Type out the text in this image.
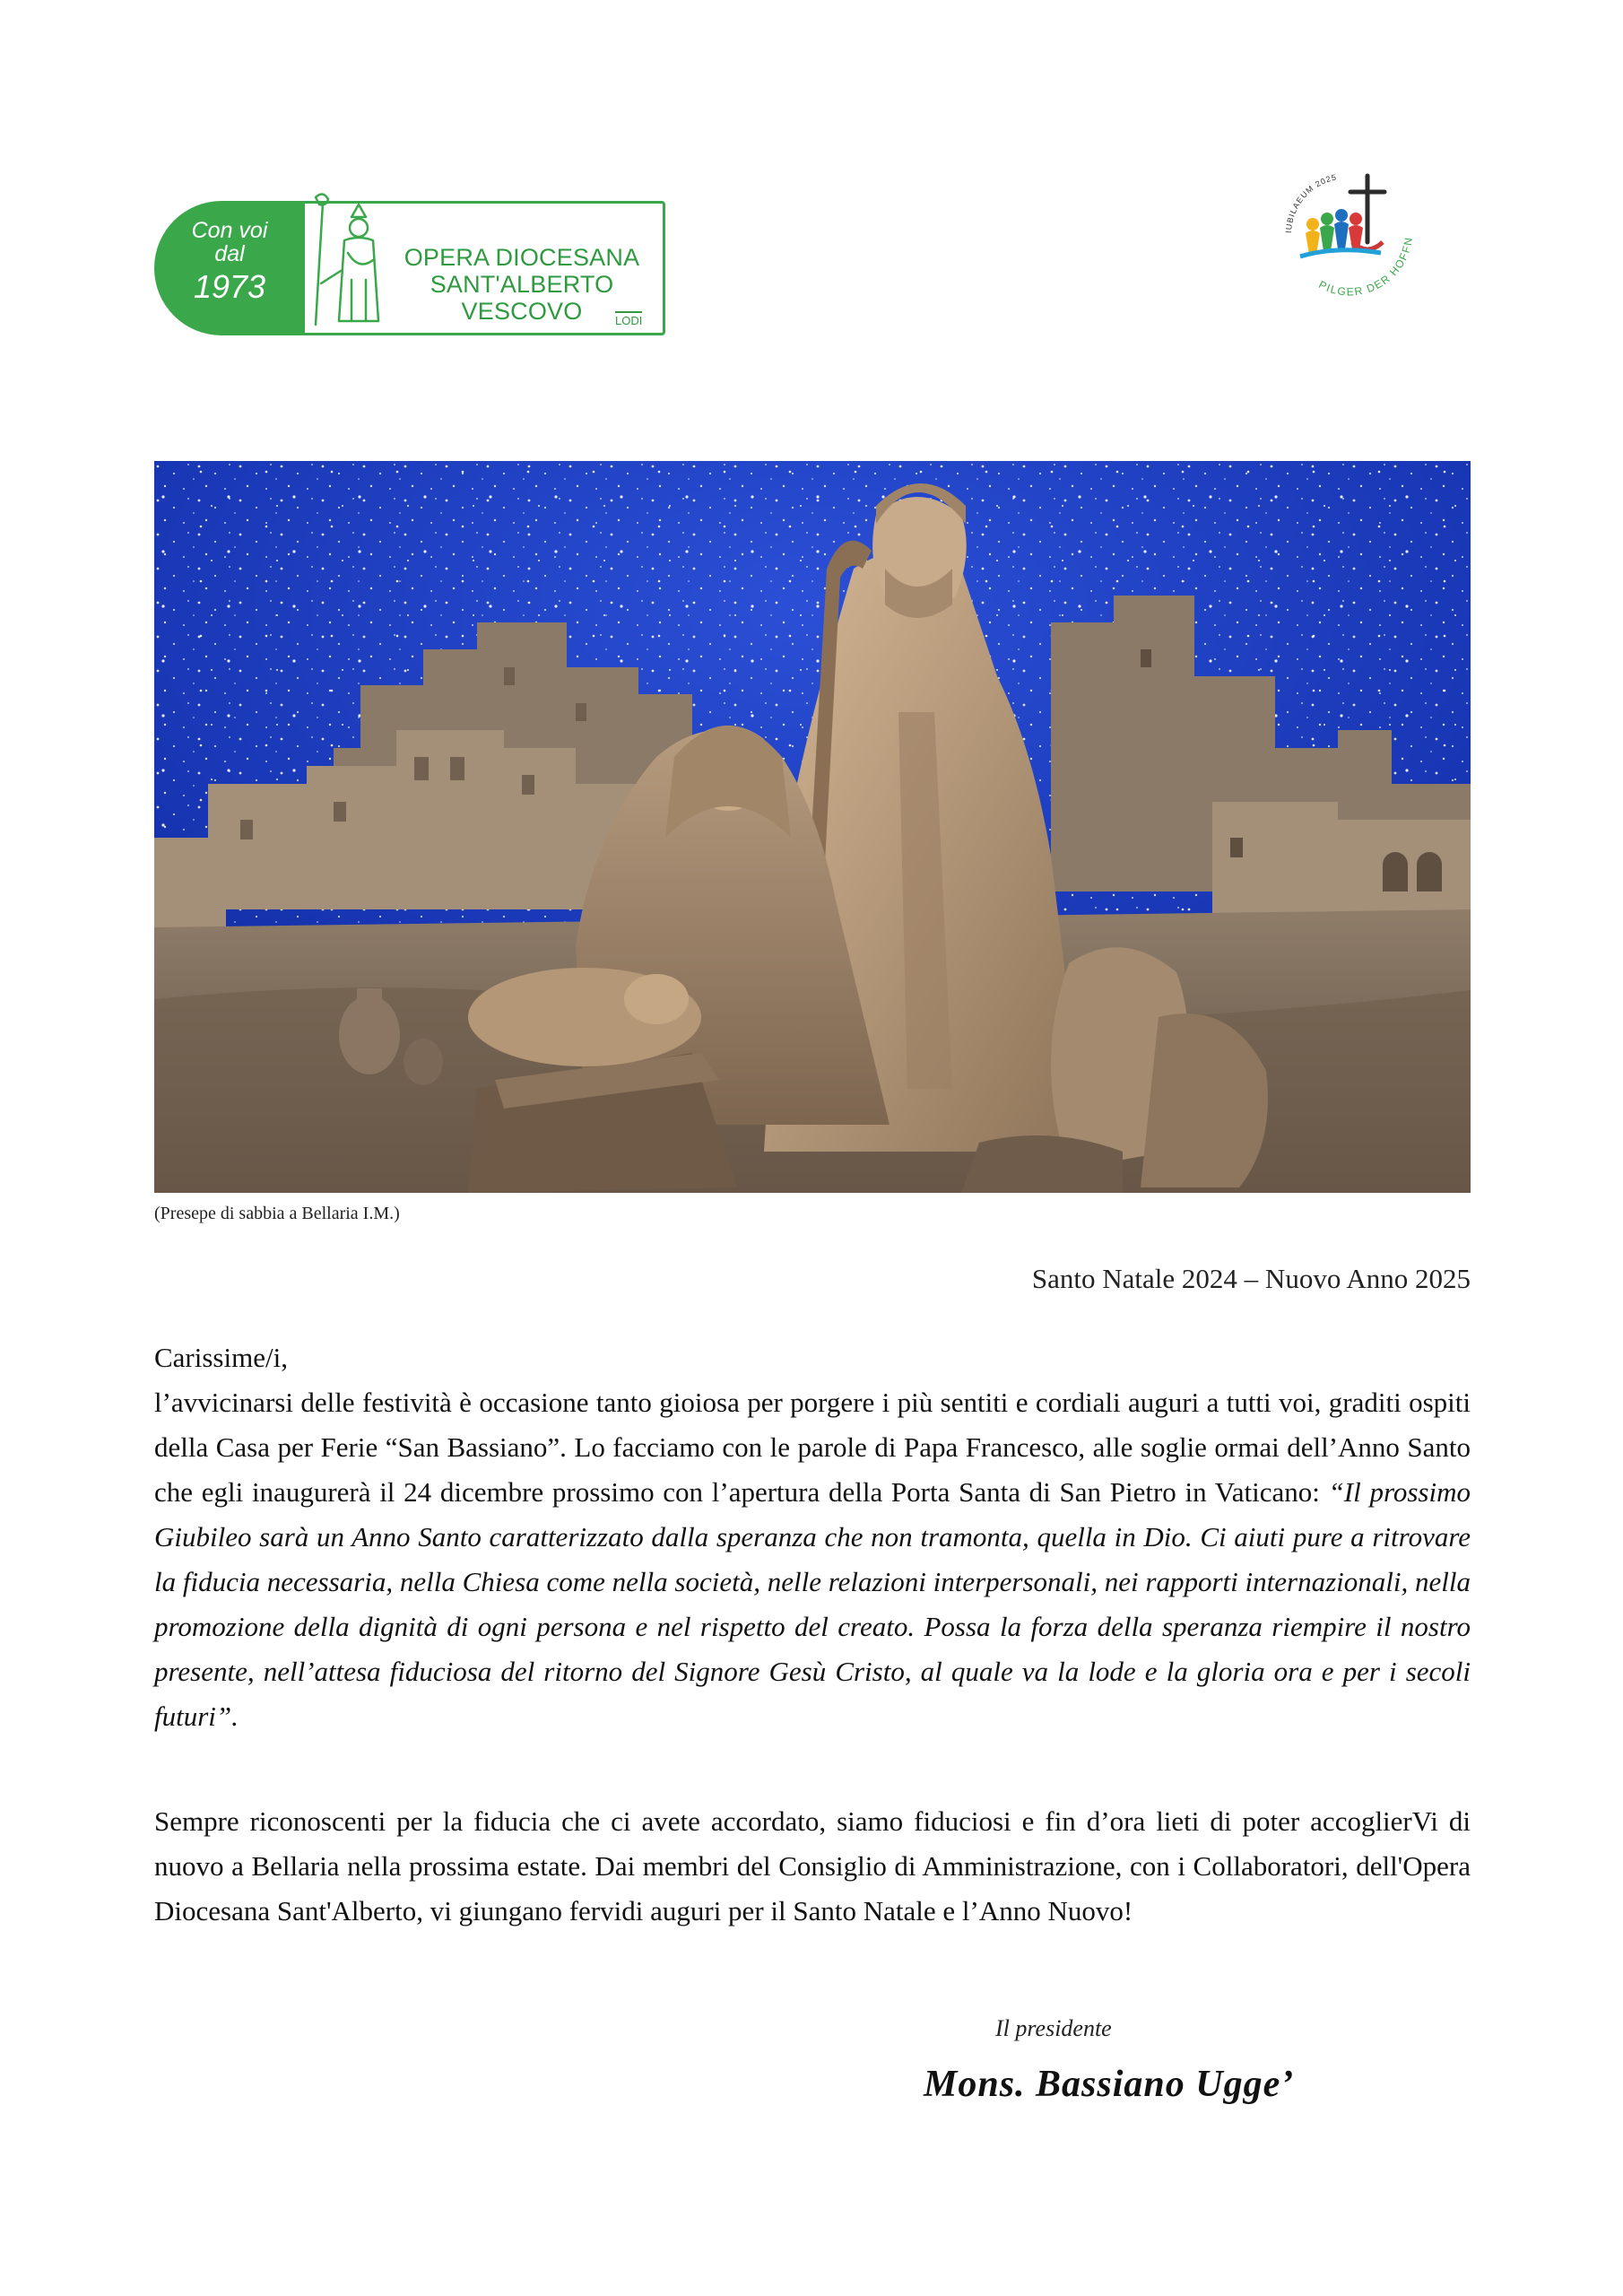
Con voi
dal
1973
OPERA DIOCESANA
SANT'ALBERTO VESCOVO	LODI
IUBILAEUM 2025
PILGER DER HOFFN
(Presepe di sabbia a Bellaria I.M.)
Santo Natale 2024 – Nuovo Anno 2025
Carissime/i,
l’avvicinarsi delle festività è occasione tanto gioiosa per porgere i più sentiti e cordiali auguri a tutti voi, graditi ospiti della Casa per Ferie “San Bassiano”. Lo facciamo con le parole di Papa Francesco, alle soglie ormai dell’Anno Santo che egli inaugurerà il 24 dicembre prossimo con l’apertura della Porta Santa di San Pietro in Vaticano: “Il prossimo Giubileo sarà un Anno Santo caratterizzato dalla speranza che non tramonta, quella in Dio. Ci aiuti pure a ritrovare la fiducia necessaria, nella Chiesa come nella società, nelle relazioni interpersonali, nei rapporti internazionali, nella promozione della dignità di ogni persona e nel rispetto del creato. Possa la forza della speranza riempire il nostro presente, nell’attesa fiduciosa del ritorno del Signore Gesù Cristo, al quale va la lode e la gloria ora e per i secoli futuri”.
Sempre riconoscenti per la fiducia che ci avete accordato, siamo fiduciosi e fin d’ora lieti di poter accoglierVi di nuovo a Bellaria nella prossima estate. Dai membri del Consiglio di Amministrazione, con i Collaboratori, dell'Opera Diocesana Sant'Alberto, vi giungano fervidi auguri per il Santo Natale e l’Anno Nuovo!
Il presidente
Mons. Bassiano Ugge’
